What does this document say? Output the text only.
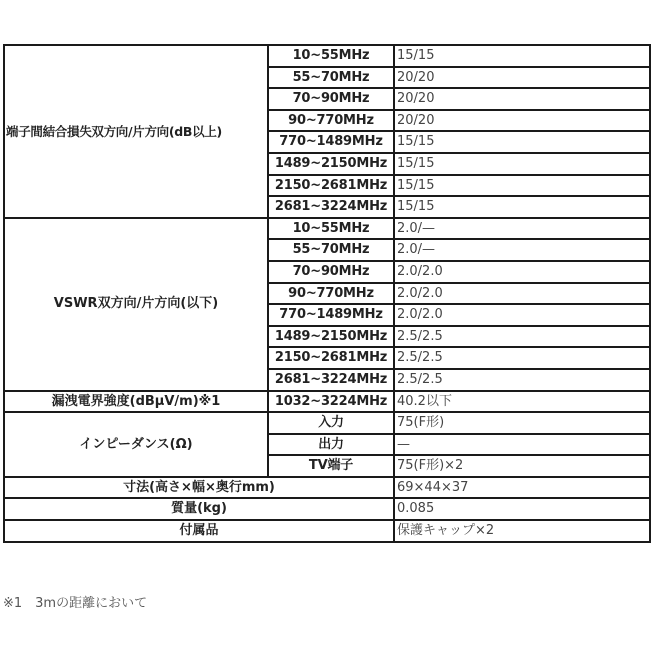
端子間結合損失双方向/片方向(dB以上)	10~55MHz	15/15
	55~70MHz	20/20
	70~90MHz	20/20
	90~770MHz	20/20
	770~1489MHz	15/15
	1489~2150MHz	15/15
	2150~2681MHz	15/15
	2681~3224MHz	15/15
VSWR双方向/片方向(以下)	10~55MHz	2.0/—
	55~70MHz	2.0/—
	70~90MHz	2.0/2.0
	90~770MHz	2.0/2.0
	770~1489MHz	2.0/2.0
	1489~2150MHz	2.5/2.5
	2150~2681MHz	2.5/2.5
	2681~3224MHz	2.5/2.5
漏洩電界強度(dBμV/m)※1	1032~3224MHz	40.2以下
インピーダンス(Ω)	入力	75(F形)
	出力	—
	TV端子	75(F形)×2
寸法(高さ×幅×奥行mm)		69×44×37
質量(kg)		0.085
付属品		保護キャップ×2
※1　3mの距離において
